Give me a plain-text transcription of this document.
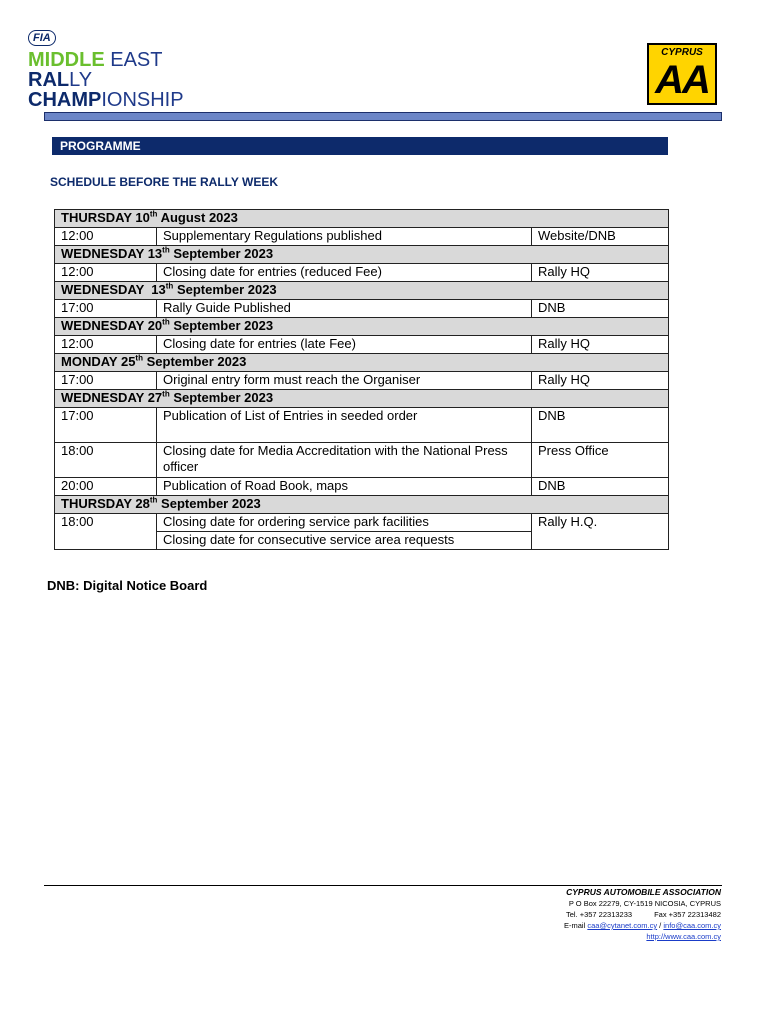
FIA
MIDDLE EAST
RALLY
CHAMPIONSHIP
CYPRUS
AA
PROGRAMME
SCHEDULE BEFORE THE RALLY WEEK
THURSDAY 10th August 2023		
12:00	Supplementary Regulations published	Website/DNB
WEDNESDAY 13th September 2023		
12:00	Closing date for entries (reduced Fee)	Rally HQ
WEDNESDAY  13th September 2023		
17:00	Rally Guide Published	DNB
WEDNESDAY 20th September 2023		
12:00	Closing date for entries (late Fee)	Rally HQ
MONDAY 25th September 2023		
17:00	Original entry form must reach the Organiser	Rally HQ
WEDNESDAY 27th September 2023		
17:00	Publication of List of Entries in seeded order	DNB
18:00	Closing date for Media Accreditation with the National Press officer	Press Office
20:00	Publication of Road Book, maps	DNB
THURSDAY 28th September 2023		
18:00	Closing date for ordering service park facilities	Rally H.Q.
	Closing date for consecutive service area requests	
DNB: Digital Notice Board
CYPRUS AUTOMOBILE ASSOCIATION
P O Box 22279, CY-1519 NICOSIA, CYPRUS
Tel. +357 22313233	Fax +357 22313482
E-mail caa@cytanet.com.cy / info@caa.com.cy
http://www.caa.com.cy
